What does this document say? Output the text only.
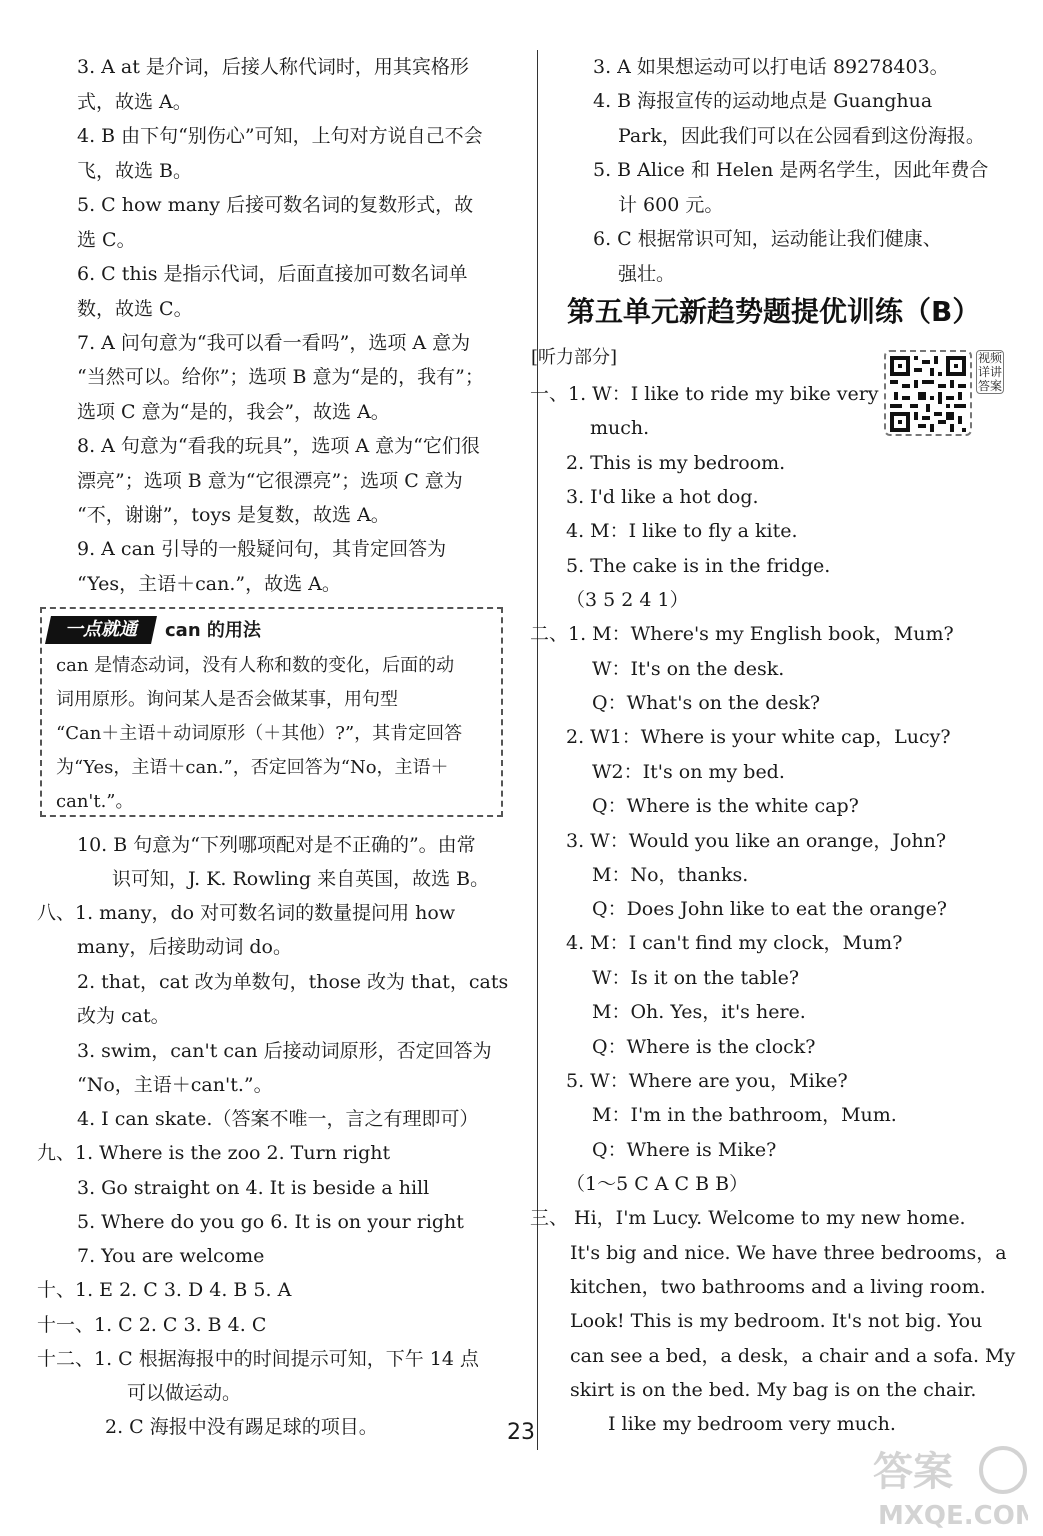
3. A at 是介词，后接人称代词时，用其宾格形
式，故选 A。
4. B 由下句“别伤心”可知，上句对方说自己不会
飞，故选 B。
5. C how many 后接可数名词的复数形式，故
选 C。
6. C this 是指示代词，后面直接加可数名词单
数，故选 C。
7. A 问句意为“我可以看一看吗”，选项 A 意为
“当然可以。给你”；选项 B 意为“是的，我有”；
选项 C 意为“是的，我会”，故选 A。
8. A 句意为“看我的玩具”，选项 A 意为“它们很
漂亮”；选项 B 意为“它很漂亮”；选项 C 意为
“不，谢谢”，toys 是复数，故选 A。
9. A can 引导的一般疑问句，其肯定回答为
“Yes，主语＋can.”，故选 A。
10. B 句意为“下列哪项配对是不正确的”。由常
识可知，J. K. Rowling 来自英国，故选 B。
八、1. many，do 对可数名词的数量提问用 how
many，后接助动词 do。
2. that，cat 改为单数句，those 改为 that，cats
改为 cat。
3. swim，can't can 后接动词原形，否定回答为
“No，主语＋can't.”。
4. I can skate.（答案不唯一，言之有理即可）
九、1. Where is the zoo 2. Turn right
3. Go straight on 4. It is beside a hill
5. Where do you go 6. It is on your right
7. You are welcome
十、1. E 2. C 3. D 4. B 5. A
十一、1. C 2. C 3. B 4. C
十二、1. C 根据海报中的时间提示可知，下午 14 点
可以做运动。
2. C 海报中没有踢足球的项目。
一点就通	can 的用法
can 是情态动词，没有人称和数的变化，后面的动
词用原形。询问某人是否会做某事，用句型
“Can＋主语＋动词原形（＋其他）?”，其肯定回答
为“Yes，主语＋can.”，否定回答为“No，主语＋
can't.”。
3. A 如果想运动可以打电话 89278403。
4. B 海报宣传的运动地点是 Guanghua
Park，因此我们可以在公园看到这份海报。
5. B Alice 和 Helen 是两名学生，因此年费合
计 600 元。
6. C 根据常识可知，运动能让我们健康、
强壮。
一、1. W：I like to ride my bike very
much.
2. This is my bedroom.
3. I'd like a hot dog.
4. M：I like to fly a kite.
5. The cake is in the fridge.
（3 5 2 4 1）
二、1. M：Where's my English book，Mum?
W：It's on the desk.
Q：What's on the desk?
2. W1：Where is your white cap，Lucy?
W2：It's on my bed.
Q：Where is the white cap?
3. W：Would you like an orange，John?
M：No，thanks.
Q：Does John like to eat the orange?
4. M：I can't find my clock，Mum?
W：Is it on the table?
M：Oh. Yes，it's here.
Q：Where is the clock?
5. W：Where are you，Mike?
M：I'm in the bathroom，Mum.
Q：Where is Mike?
（1～5 C A C B B）
三、 Hi，I'm Lucy. Welcome to my new home.
It's big and nice. We have three bedrooms，a
kitchen，two bathrooms and a living room.
Look! This is my bedroom. It's not big. You
can see a bed，a desk，a chair and a sofa. My
skirt is on the bed. My bag is on the chair.
I like my bedroom very much.
第五单元新趋势题提优训练（B）
[听力部分]	视频详讲答案
23
答案
MXQE.COM
